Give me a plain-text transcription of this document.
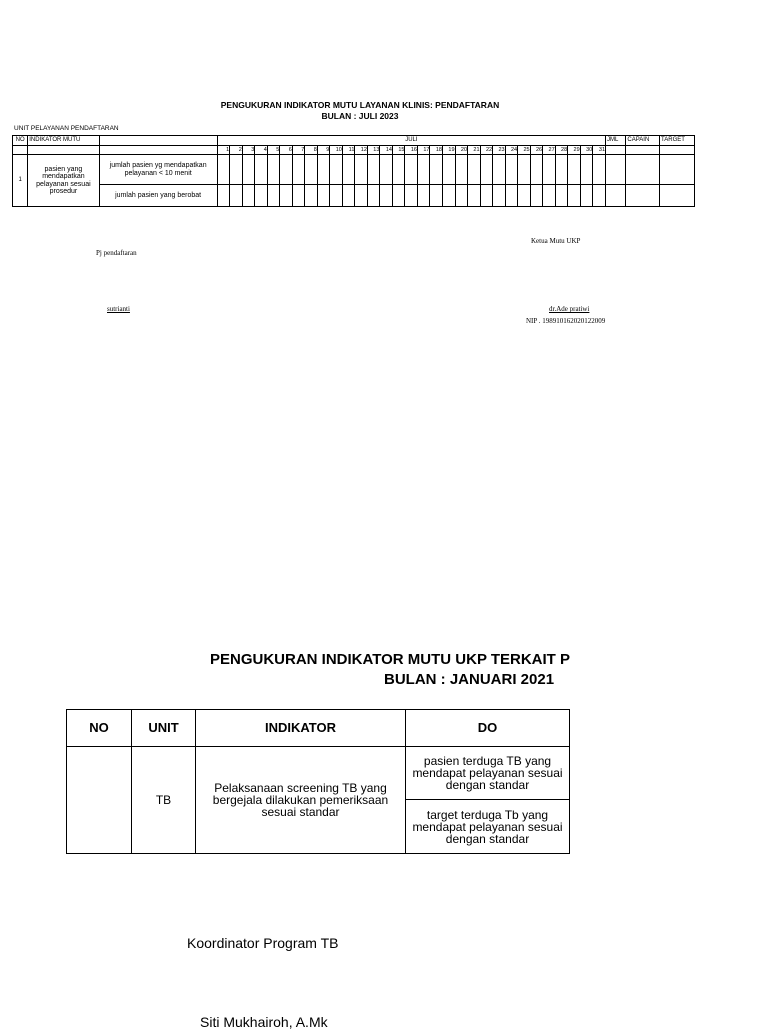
PENGUKURAN INDIKATOR MUTU LAYANAN KLINIS: PENDAFTARAN
BULAN : JULI 2023
UNIT PELAYANAN PENDAFTARAN
NO	INDIKATOR MUTU		JULI																															JML	CAPAIN	TARGET
			1	2	3	4	5	6	7	8	9	10	11	12	13	14	15	16	17	18	19	20	21	22	23	24	25	26	27	28	29	30	31			
1	pasien yang mendapatkan pelayanan sesuai prosedur	jumlah pasien yg mendapatkan pelayanan < 10 menit																																		
		jumlah pasien yang berobat																																		
Ketua Mutu UKP
Pj pendaftaran
sutrianti	dr.Ade pratiwi
NIP . 198910162020122009
PENGUKURAN INDIKATOR MUTU UKP TERKAIT P
BULAN : JANUARI 2021
NO	UNIT	INDIKATOR	DO
	TB	Pelaksanaan screening TB yang bergejala dilakukan pemeriksaan sesuai standar	pasien terduga TB yang mendapat pelayanan sesuai dengan standar
			target terduga Tb yang mendapat pelayanan sesuai dengan standar
Koordinator Program TB
Siti Mukhairoh, A.Mk
